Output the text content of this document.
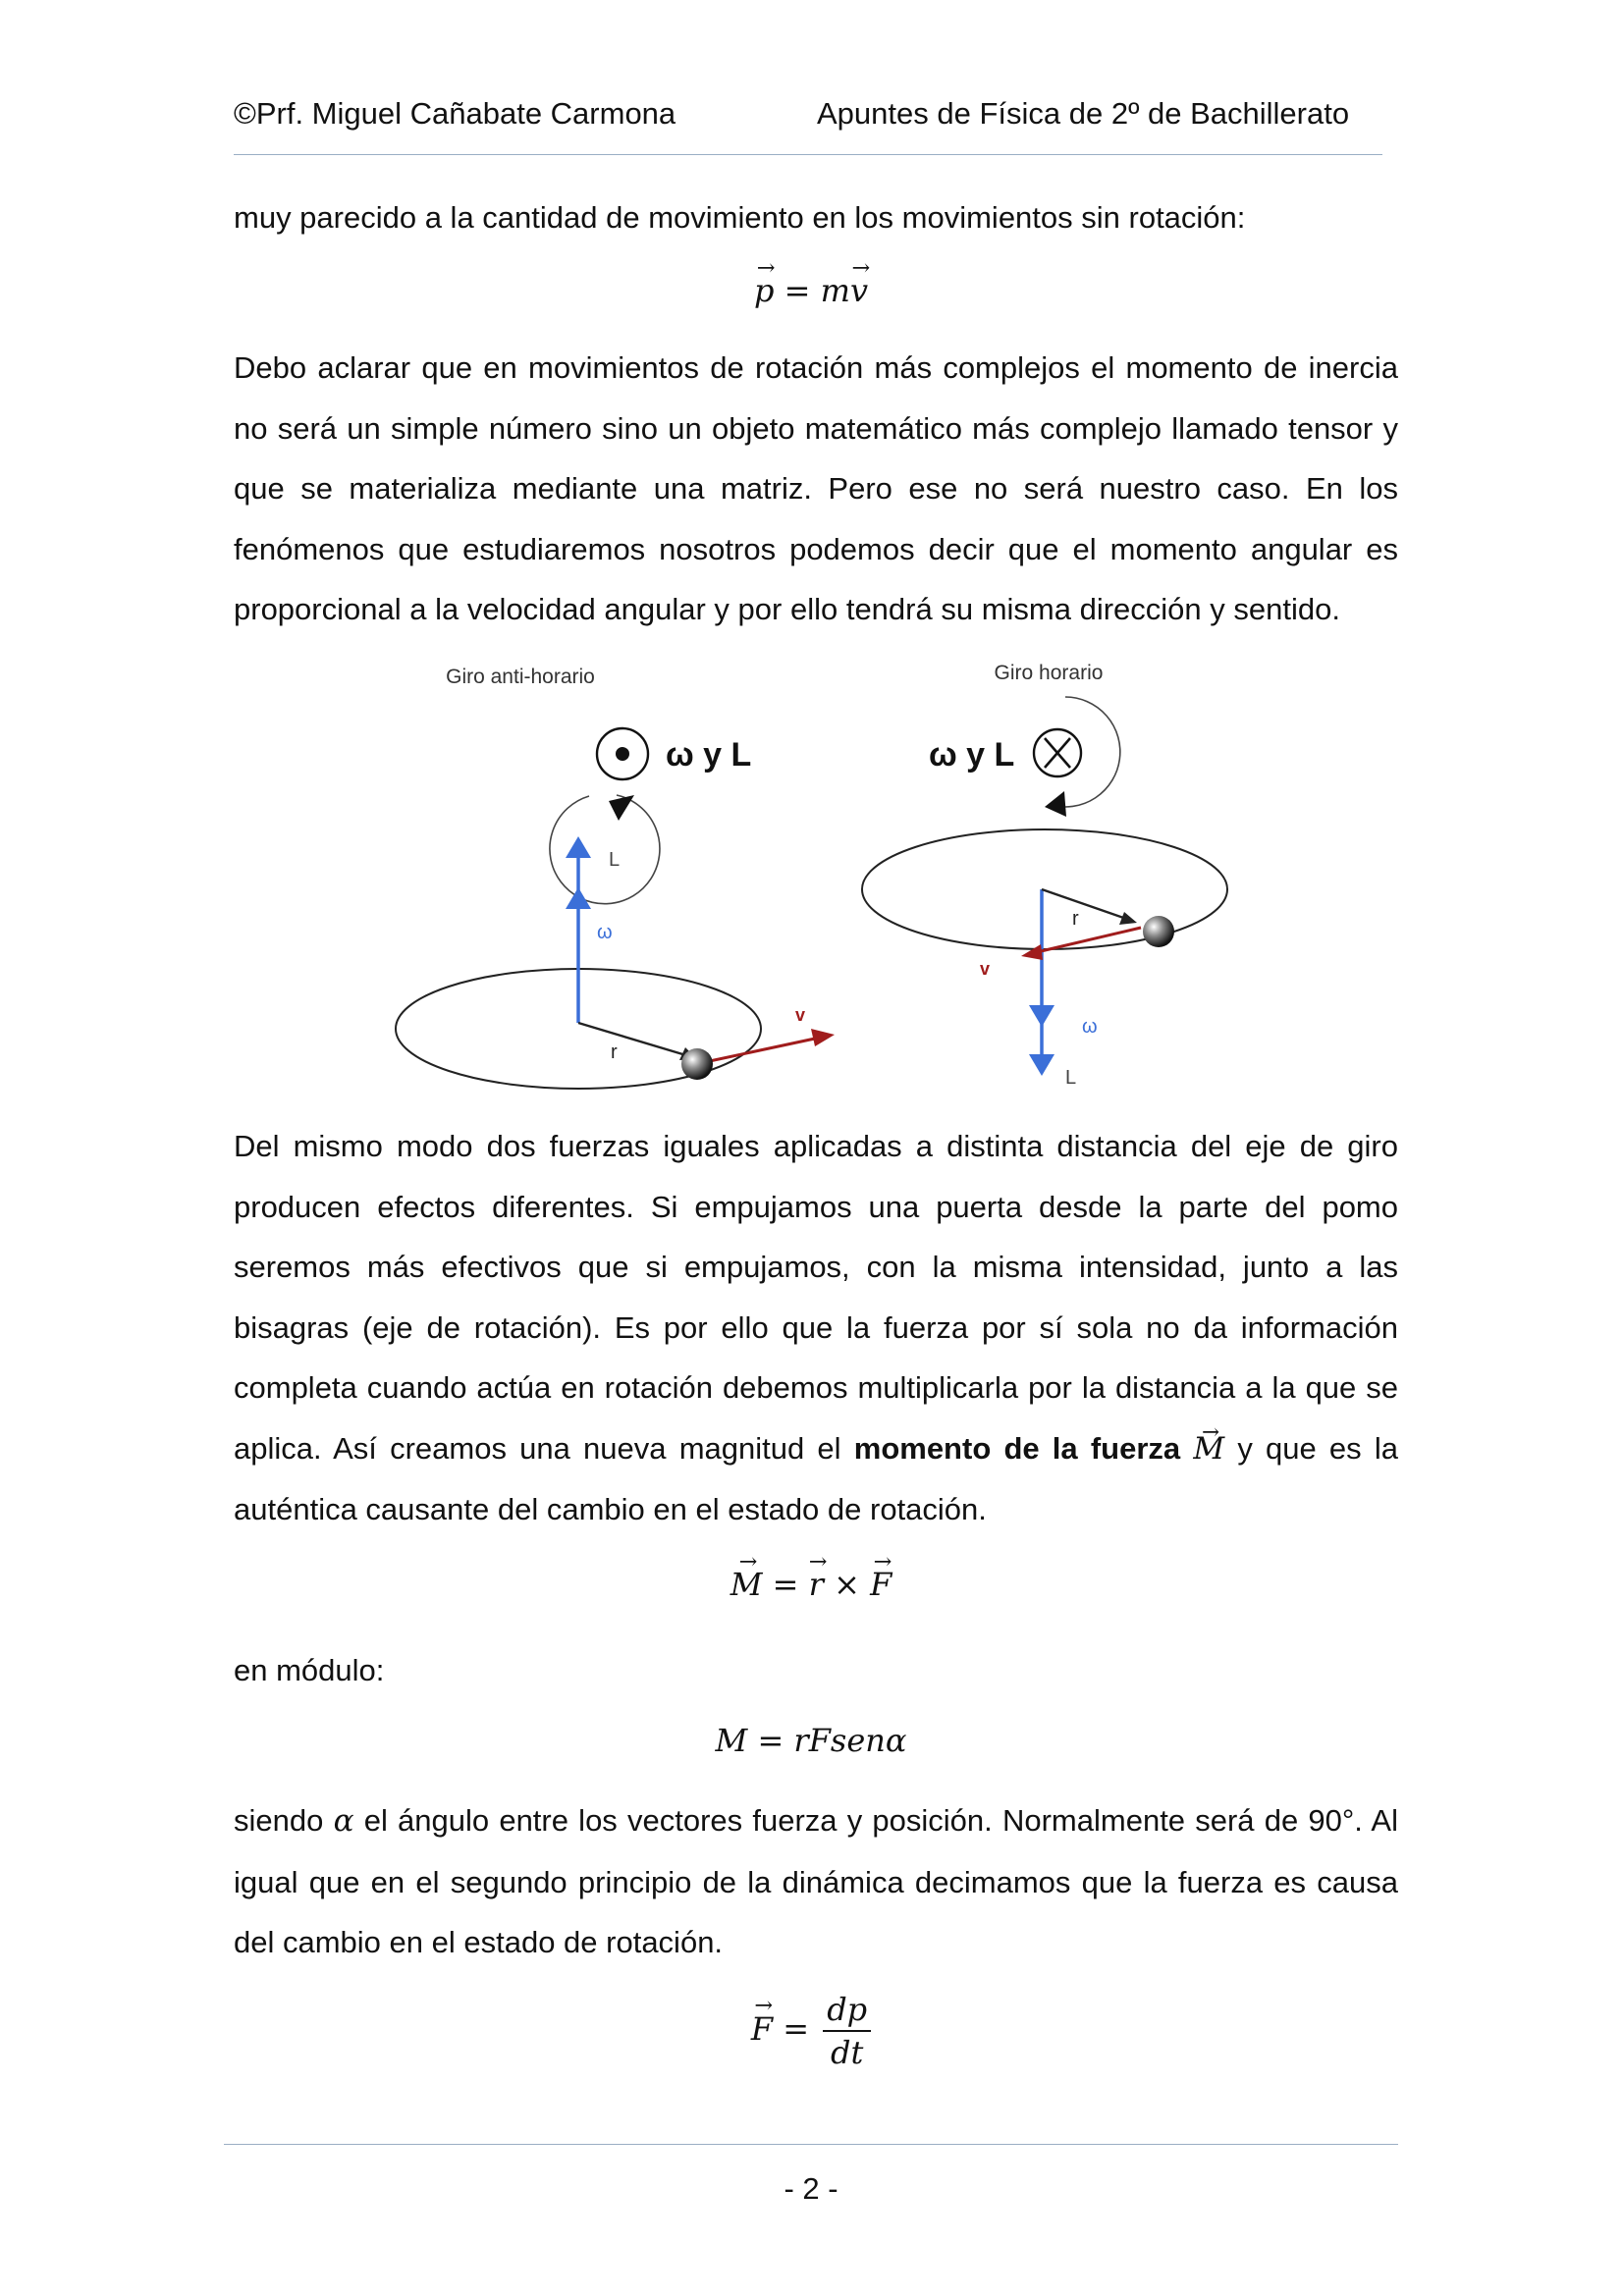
©Prf. Miguel Cañabate Carmona	Apuntes de Física de 2º de Bachillerato

muy parecido a la cantidad de movimiento en los movimientos sin rotación:

→ p = m→ v

Debo aclarar que en movimientos de rotación más complejos el momento de inercia no será un simple número sino un objeto matemático más complejo llamado tensor y que se materializa mediante una matriz. Pero ese no será nuestro caso. En los fenómenos que estudiaremos nosotros podemos decir que el momento angular es proporcional a la velocidad angular y por ello tendrá su misma dirección y sentido.

Giro anti-horario
ω y L
L
ω
r
v
Giro horario
ω y L
ω
L
r
v

Del mismo modo dos fuerzas iguales aplicadas a distinta distancia del eje de giro producen efectos diferentes. Si empujamos una puerta desde la parte del pomo seremos más efectivos que si empujamos, con la misma intensidad, junto a las bisagras (eje de rotación). Es por ello que la fuerza por sí sola no da información completa cuando actúa en rotación debemos multiplicarla por la distancia a la que se aplica. Así creamos una nueva magnitud el momento de la fuerza → M y que es la auténtica causante del cambio en el estado de rotación.

→ M = → r × → F

en módulo:

M = rFsenα

siendo α el ángulo entre los vectores fuerza y posición. Normalmente será de 90°. Al igual que en el segundo principio de la dinámica decimamos que la fuerza es causa del cambio en el estado de rotación.

→ $F = \frac{dp}{dt}$
- 2 -
